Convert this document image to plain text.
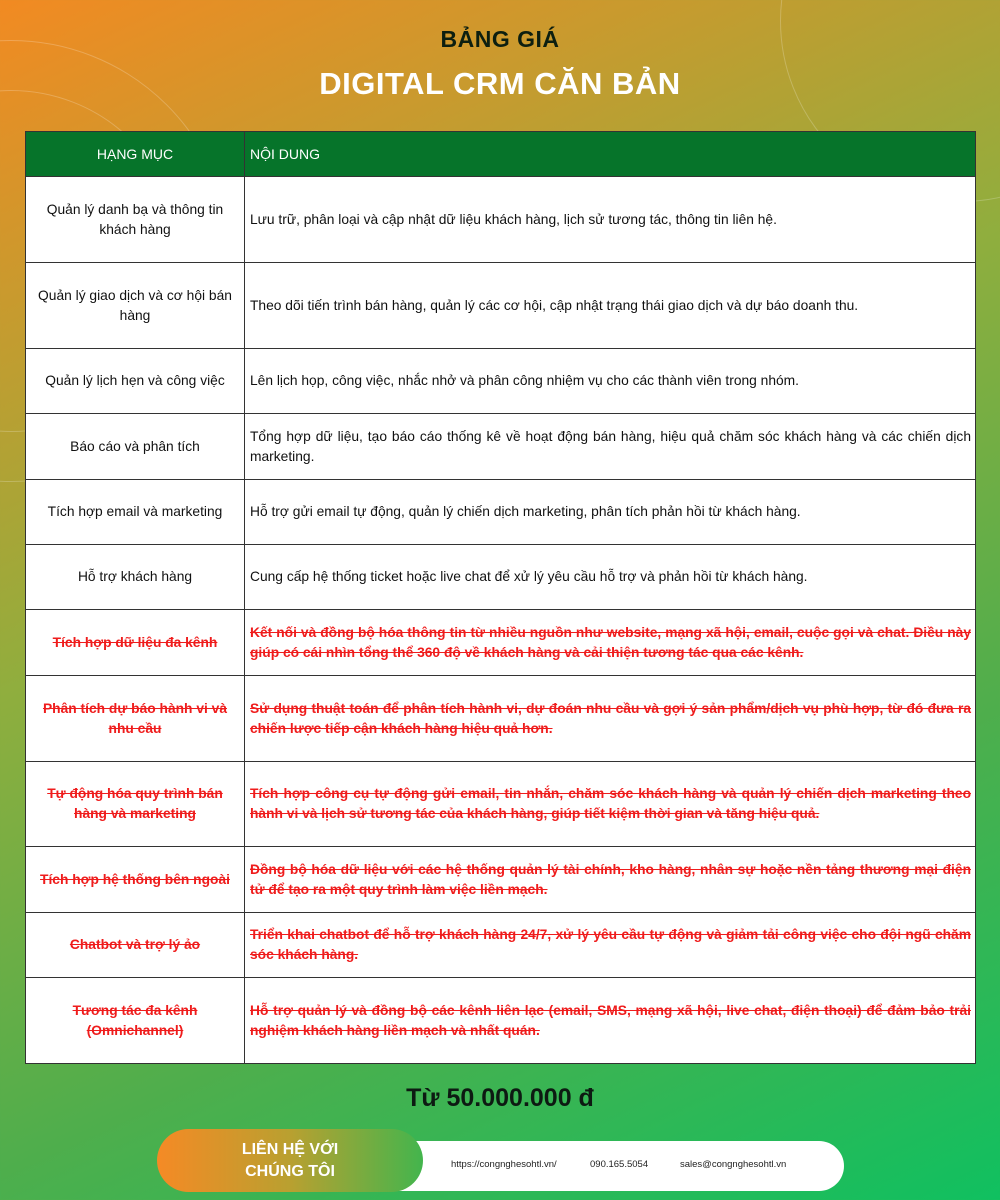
BẢNG GIÁ
DIGITAL CRM CĂN BẢN
HẠNG MỤC	NỘI DUNG
Quản lý danh bạ và thông tin khách hàng	Lưu trữ, phân loại và cập nhật dữ liệu khách hàng, lịch sử tương tác, thông tin liên hệ.
Quản lý giao dịch và cơ hội bán hàng	Theo dõi tiến trình bán hàng, quản lý các cơ hội, cập nhật trạng thái giao dịch và dự báo doanh thu.
Quản lý lịch hẹn và công việc	Lên lịch họp, công việc, nhắc nhở và phân công nhiệm vụ cho các thành viên trong nhóm.
Báo cáo và phân tích	Tổng hợp dữ liệu, tạo báo cáo thống kê về hoạt động bán hàng, hiệu quả chăm sóc khách hàng và các chiến dịch marketing.
Tích hợp email và marketing	Hỗ trợ gửi email tự động, quản lý chiến dịch marketing, phân tích phản hồi từ khách hàng.
Hỗ trợ khách hàng	Cung cấp hệ thống ticket hoặc live chat để xử lý yêu cầu hỗ trợ và phản hồi từ khách hàng.
Tích hợp dữ liệu đa kênh	Kết nối và đồng bộ hóa thông tin từ nhiều nguồn như website, mạng xã hội, email, cuộc gọi và chat. Điều này giúp có cái nhìn tổng thể 360 độ về khách hàng và cải thiện tương tác qua các kênh.
Phân tích dự báo hành vi và nhu cầu	Sử dụng thuật toán để phân tích hành vi, dự đoán nhu cầu và gợi ý sản phẩm/dịch vụ phù hợp, từ đó đưa ra chiến lược tiếp cận khách hàng hiệu quả hơn.
Tự động hóa quy trình bán hàng và marketing	Tích hợp công cụ tự động gửi email, tin nhắn, chăm sóc khách hàng và quản lý chiến dịch marketing theo hành vi và lịch sử tương tác của khách hàng, giúp tiết kiệm thời gian và tăng hiệu quả.
Tích hợp hệ thống bên ngoài	Đồng bộ hóa dữ liệu với các hệ thống quản lý tài chính, kho hàng, nhân sự hoặc nền tảng thương mại điện tử để tạo ra một quy trình làm việc liền mạch.
Chatbot và trợ lý ảo	Triển khai chatbot để hỗ trợ khách hàng 24/7, xử lý yêu cầu tự động và giảm tải công việc cho đội ngũ chăm sóc khách hàng.
Tương tác đa kênh (Omnichannel)	Hỗ trợ quản lý và đồng bộ các kênh liên lạc (email, SMS, mạng xã hội, live chat, điện thoại) để đảm bảo trải nghiệm khách hàng liền mạch và nhất quán.
Từ 50.000.000 đ
https://congnghesohtl.vn/	090.165.5054	sales@congnghesohtl.vn
LIÊN HỆ VỚI CHÚNG TÔI
